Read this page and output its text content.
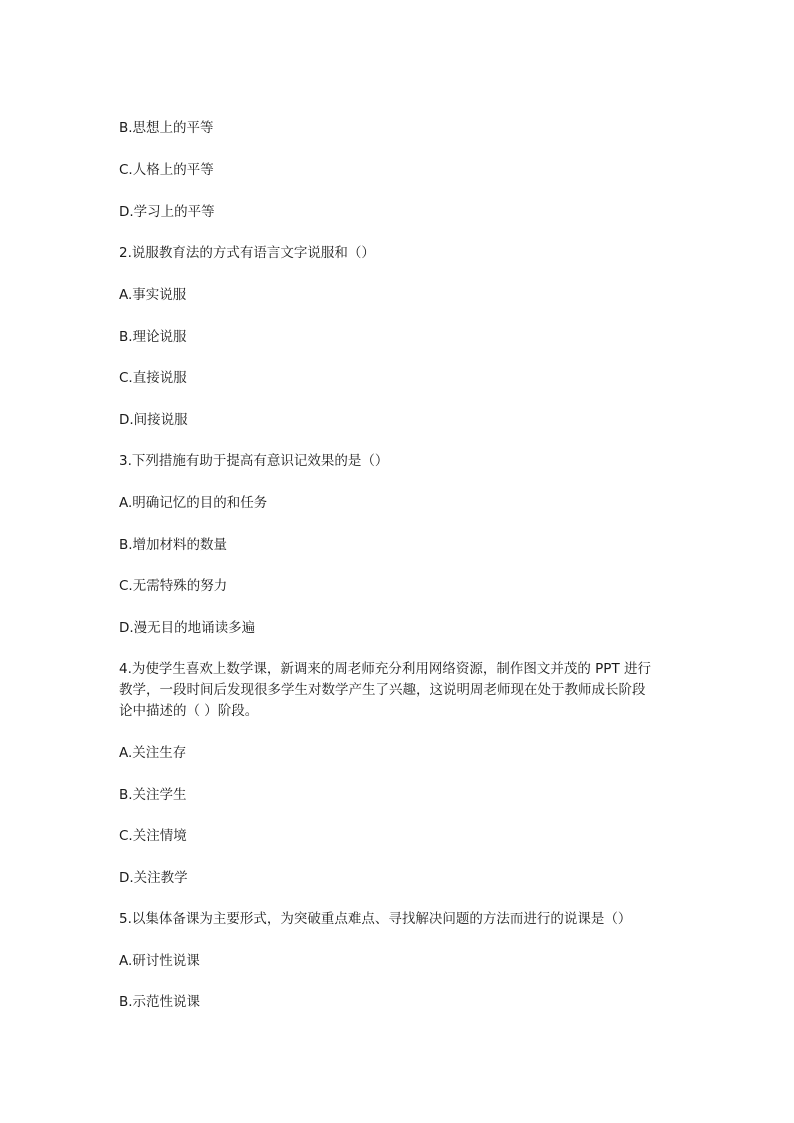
B.思想上的平等
C.人格上的平等
D.学习上的平等
2.说服教育法的方式有语言文字说服和（）
A.事实说服
B.理论说服
C.直接说服
D.间接说服
3.下列措施有助于提高有意识记效果的是（）
A.明确记忆的目的和任务
B.增加材料的数量
C.无需特殊的努力
D.漫无目的地诵读多遍
4.为使学生喜欢上数学课，新调来的周老师充分利用网络资源，制作图文并茂的 PPT 进行
教学，一段时间后发现很多学生对数学产生了兴趣，这说明周老师现在处于教师成长阶段
论中描述的（ ）阶段。
A.关注生存
B.关注学生
C.关注情境
D.关注教学
5.以集体备课为主要形式，为突破重点难点、寻找解决问题的方法而进行的说课是（）
A.研讨性说课
B.示范性说课
